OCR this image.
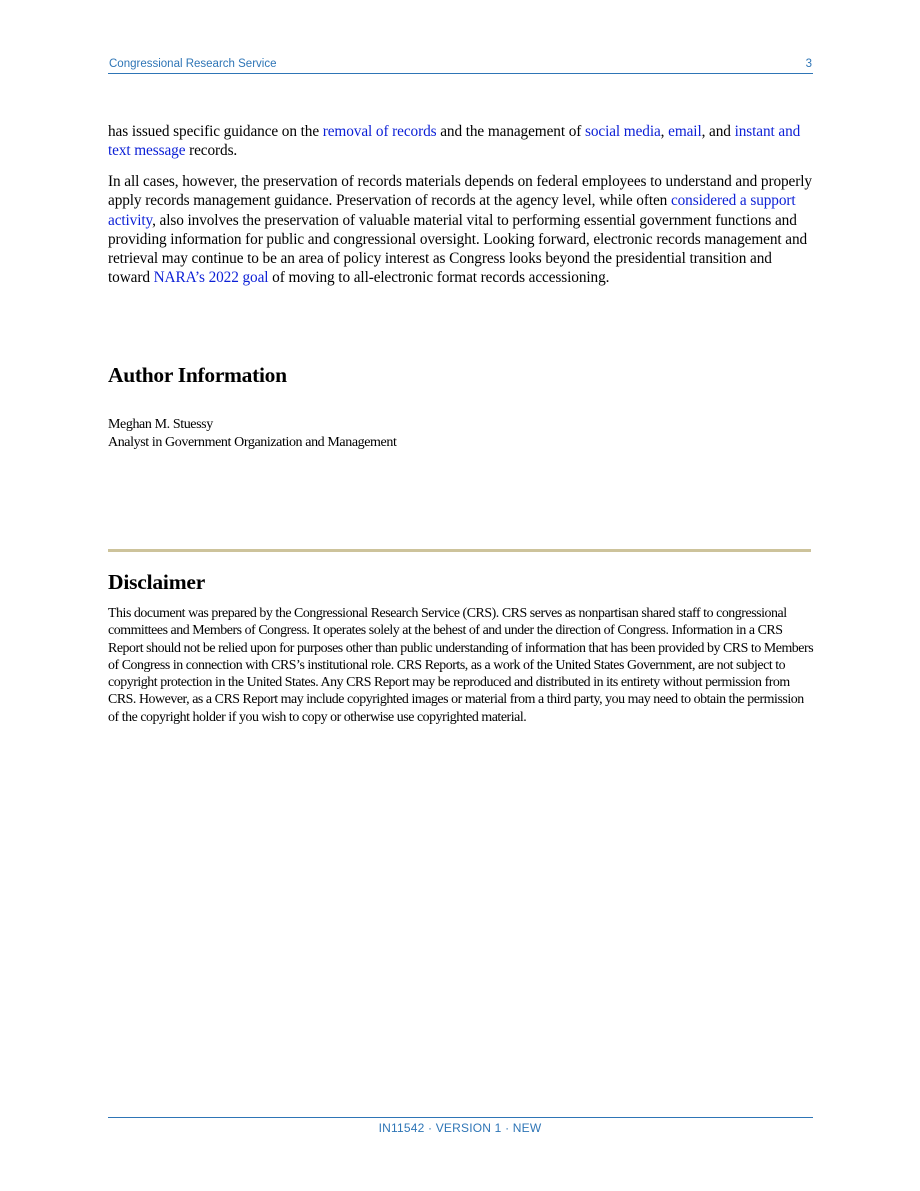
Congressional Research Service	3
has issued specific guidance on the removal of records and the management of social media, email, and instant and text message records.
In all cases, however, the preservation of records materials depends on federal employees to understand and properly apply records management guidance. Preservation of records at the agency level, while often considered a support activity, also involves the preservation of valuable material vital to performing essential government functions and providing information for public and congressional oversight. Looking forward, electronic records management and retrieval may continue to be an area of policy interest as Congress looks beyond the presidential transition and toward NARA’s 2022 goal of moving to all-electronic format records accessioning.
Author Information
Meghan M. Stuessy
Analyst in Government Organization and Management
Disclaimer
This document was prepared by the Congressional Research Service (CRS). CRS serves as nonpartisan shared staff to congressional committees and Members of Congress. It operates solely at the behest of and under the direction of Congress. Information in a CRS Report should not be relied upon for purposes other than public understanding of information that has been provided by CRS to Members of Congress in connection with CRS’s institutional role. CRS Reports, as a work of the United States Government, are not subject to copyright protection in the United States. Any CRS Report may be reproduced and distributed in its entirety without permission from CRS. However, as a CRS Report may include copyrighted images or material from a third party, you may need to obtain the permission of the copyright holder if you wish to copy or otherwise use copyrighted material.
IN11542 · VERSION 1 · NEW
